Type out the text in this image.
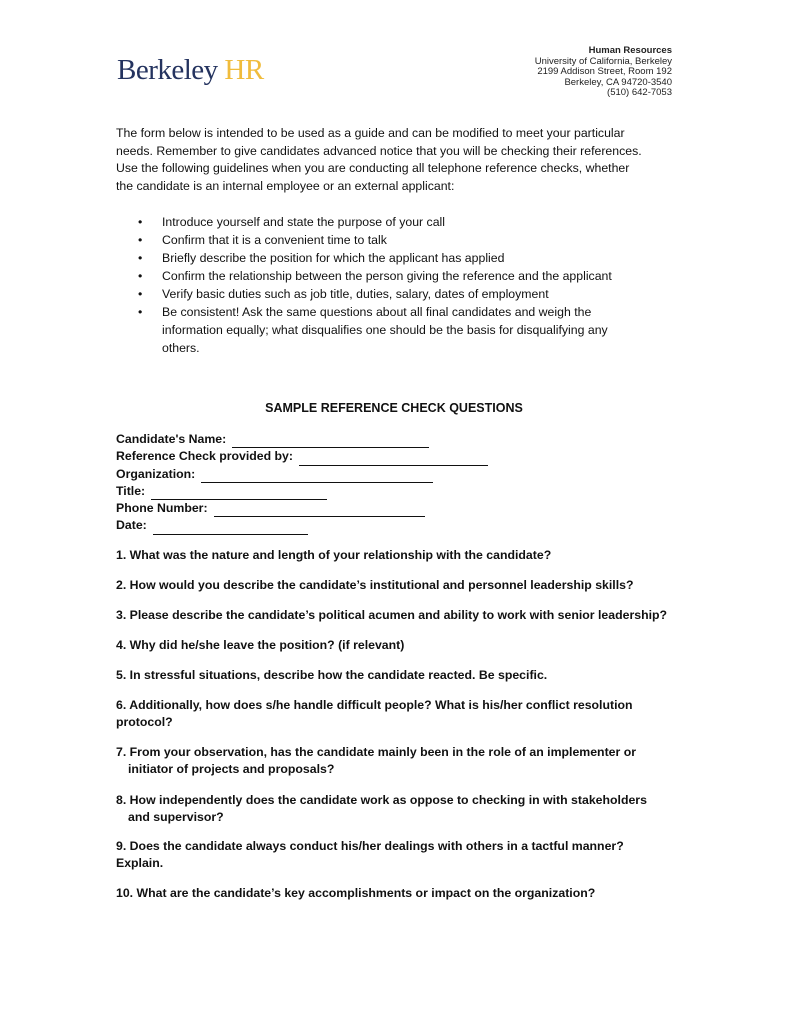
Berkeley HR
Human Resources
University of California, Berkeley
2199 Addison Street, Room 192
Berkeley, CA 94720-3540
(510) 642-7053
The form below is intended to be used as a guide and can be modified to meet your particular
needs. Remember to give candidates advanced notice that you will be checking their references.
Use the following guidelines when you are conducting all telephone reference checks, whether
the candidate is an internal employee or an external applicant:
• Introduce yourself and state the purpose of your call
• Confirm that it is a convenient time to talk
• Briefly describe the position for which the applicant has applied
• Confirm the relationship between the person giving the reference and the applicant
• Verify basic duties such as job title, duties, salary, dates of employment
• Be consistent! Ask the same questions about all final candidates and weigh the
information equally; what disqualifies one should be the basis for disqualifying any
others.
SAMPLE REFERENCE CHECK QUESTIONS
Candidate's Name:
Reference Check provided by:
Organization:
Title:
Phone Number:
Date:
1. What was the nature and length of your relationship with the candidate?
2. How would you describe the candidate’s institutional and personnel leadership skills?
3. Please describe the candidate’s political acumen and ability to work with senior leadership?
4. Why did he/she leave the position? (if relevant)
5. In stressful situations, describe how the candidate reacted. Be specific.
6. Additionally, how does s/he handle difficult people? What is his/her conflict resolution
protocol?
7. From your observation, has the candidate mainly been in the role of an implementer or
initiator of projects and proposals?
8. How independently does the candidate work as oppose to checking in with stakeholders
and supervisor?
9. Does the candidate always conduct his/her dealings with others in a tactful manner?
Explain.
10. What are the candidate’s key accomplishments or impact on the organization?
